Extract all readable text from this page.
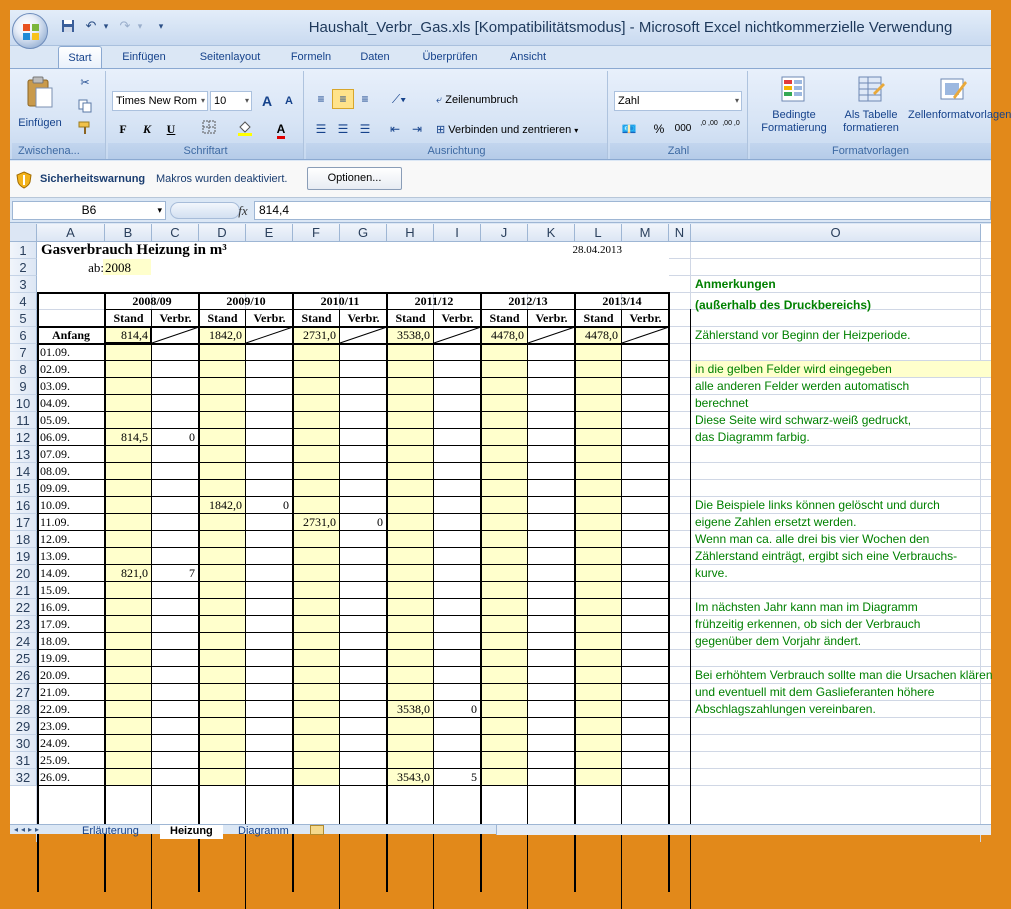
↶ ▾ ↷ ▾	▾	Haushalt_Verbr_Gas.xls [Kompatibilitätsmodus] - Microsoft Excel nichtkommerzielle Verwendung
Start	Einfügen	Seitenlayout	Formeln	Daten	Überprüfen	Ansicht
Einfügen
✂
Zwischena...
Times New Rom ▾ 10 ▾ A	A
F	K	U	A
Schriftart
≡	≡	≡	⟋▾
☰ ☰ ☰	⇤ ⇥
⤶ Zeilenumbruch
⊞ Verbinden und zentrieren ▾
Ausrichtung
Zahl	▾
💶	%	000	,0 ,00 ,00 ,0
Zahl
Bedingte Formatierung
Als Tabelle formatieren
Zellenformatvorlagen
Formatvorlagen
Sicherheitswarnung Makros wurden deaktiviert.	Optionen...
B6	▾	fx 814,4
Gasverbrauch Heizung in m³	28.04.2013
ab: 2008
2008/09
Stand	Verbr.
814,4
2009/10
Stand	Verbr.
1842,0
2010/11
Stand	Verbr.
2731,0
2011/12
Stand	Verbr.
3538,0
2012/13
Stand	Verbr.
4478,0
2013/14
Stand	Verbr.
4478,0
Anfang
01.09.
02.09.
03.09.
04.09.
05.09.
06.09.
07.09.
08.09.
09.09.
10.09.
11.09.
12.09.
13.09.
14.09.
15.09.
16.09.
17.09.
18.09.
19.09.
20.09.
21.09.
22.09.
23.09.
24.09.
25.09.
26.09.
814,5	0
1842,0	0
2731,0	0
821,0	7
3538,0	0
3543,0	5
Anmerkungen
(außerhalb des Druckbereichs)
Zählerstand vor Beginn der Heizperiode.
in die gelben Felder wird eingegeben
alle anderen Felder werden automatisch
berechnet
Diese Seite wird schwarz-weiß gedruckt,
das Diagramm farbig.
Die Beispiele links können gelöscht und durch
eigene Zahlen ersetzt werden.
Wenn man ca. alle drei bis vier Wochen den
Zählerstand einträgt, ergibt sich eine Verbrauchs-
kurve.
Im nächsten Jahr kann man im Diagramm
frühzeitig erkennen, ob sich der Verbrauch
gegenüber dem Vorjahr ändert.
Bei erhöhtem Verbrauch sollte man die Ursachen klären
und eventuell mit dem Gaslieferanten höhere
Abschlagszahlungen vereinbaren.
A	B	C	D	E	F	G	H	I	J	K	L	M	N	O
1
2
3
4
5
6
7
8
9
10
11
12
13
14
15
16
17
18
19
20
21
22
23
24
25
26
27
28
29
30
31
32
◂◂▸▸	Erläuterung	Heizung	Diagramm
